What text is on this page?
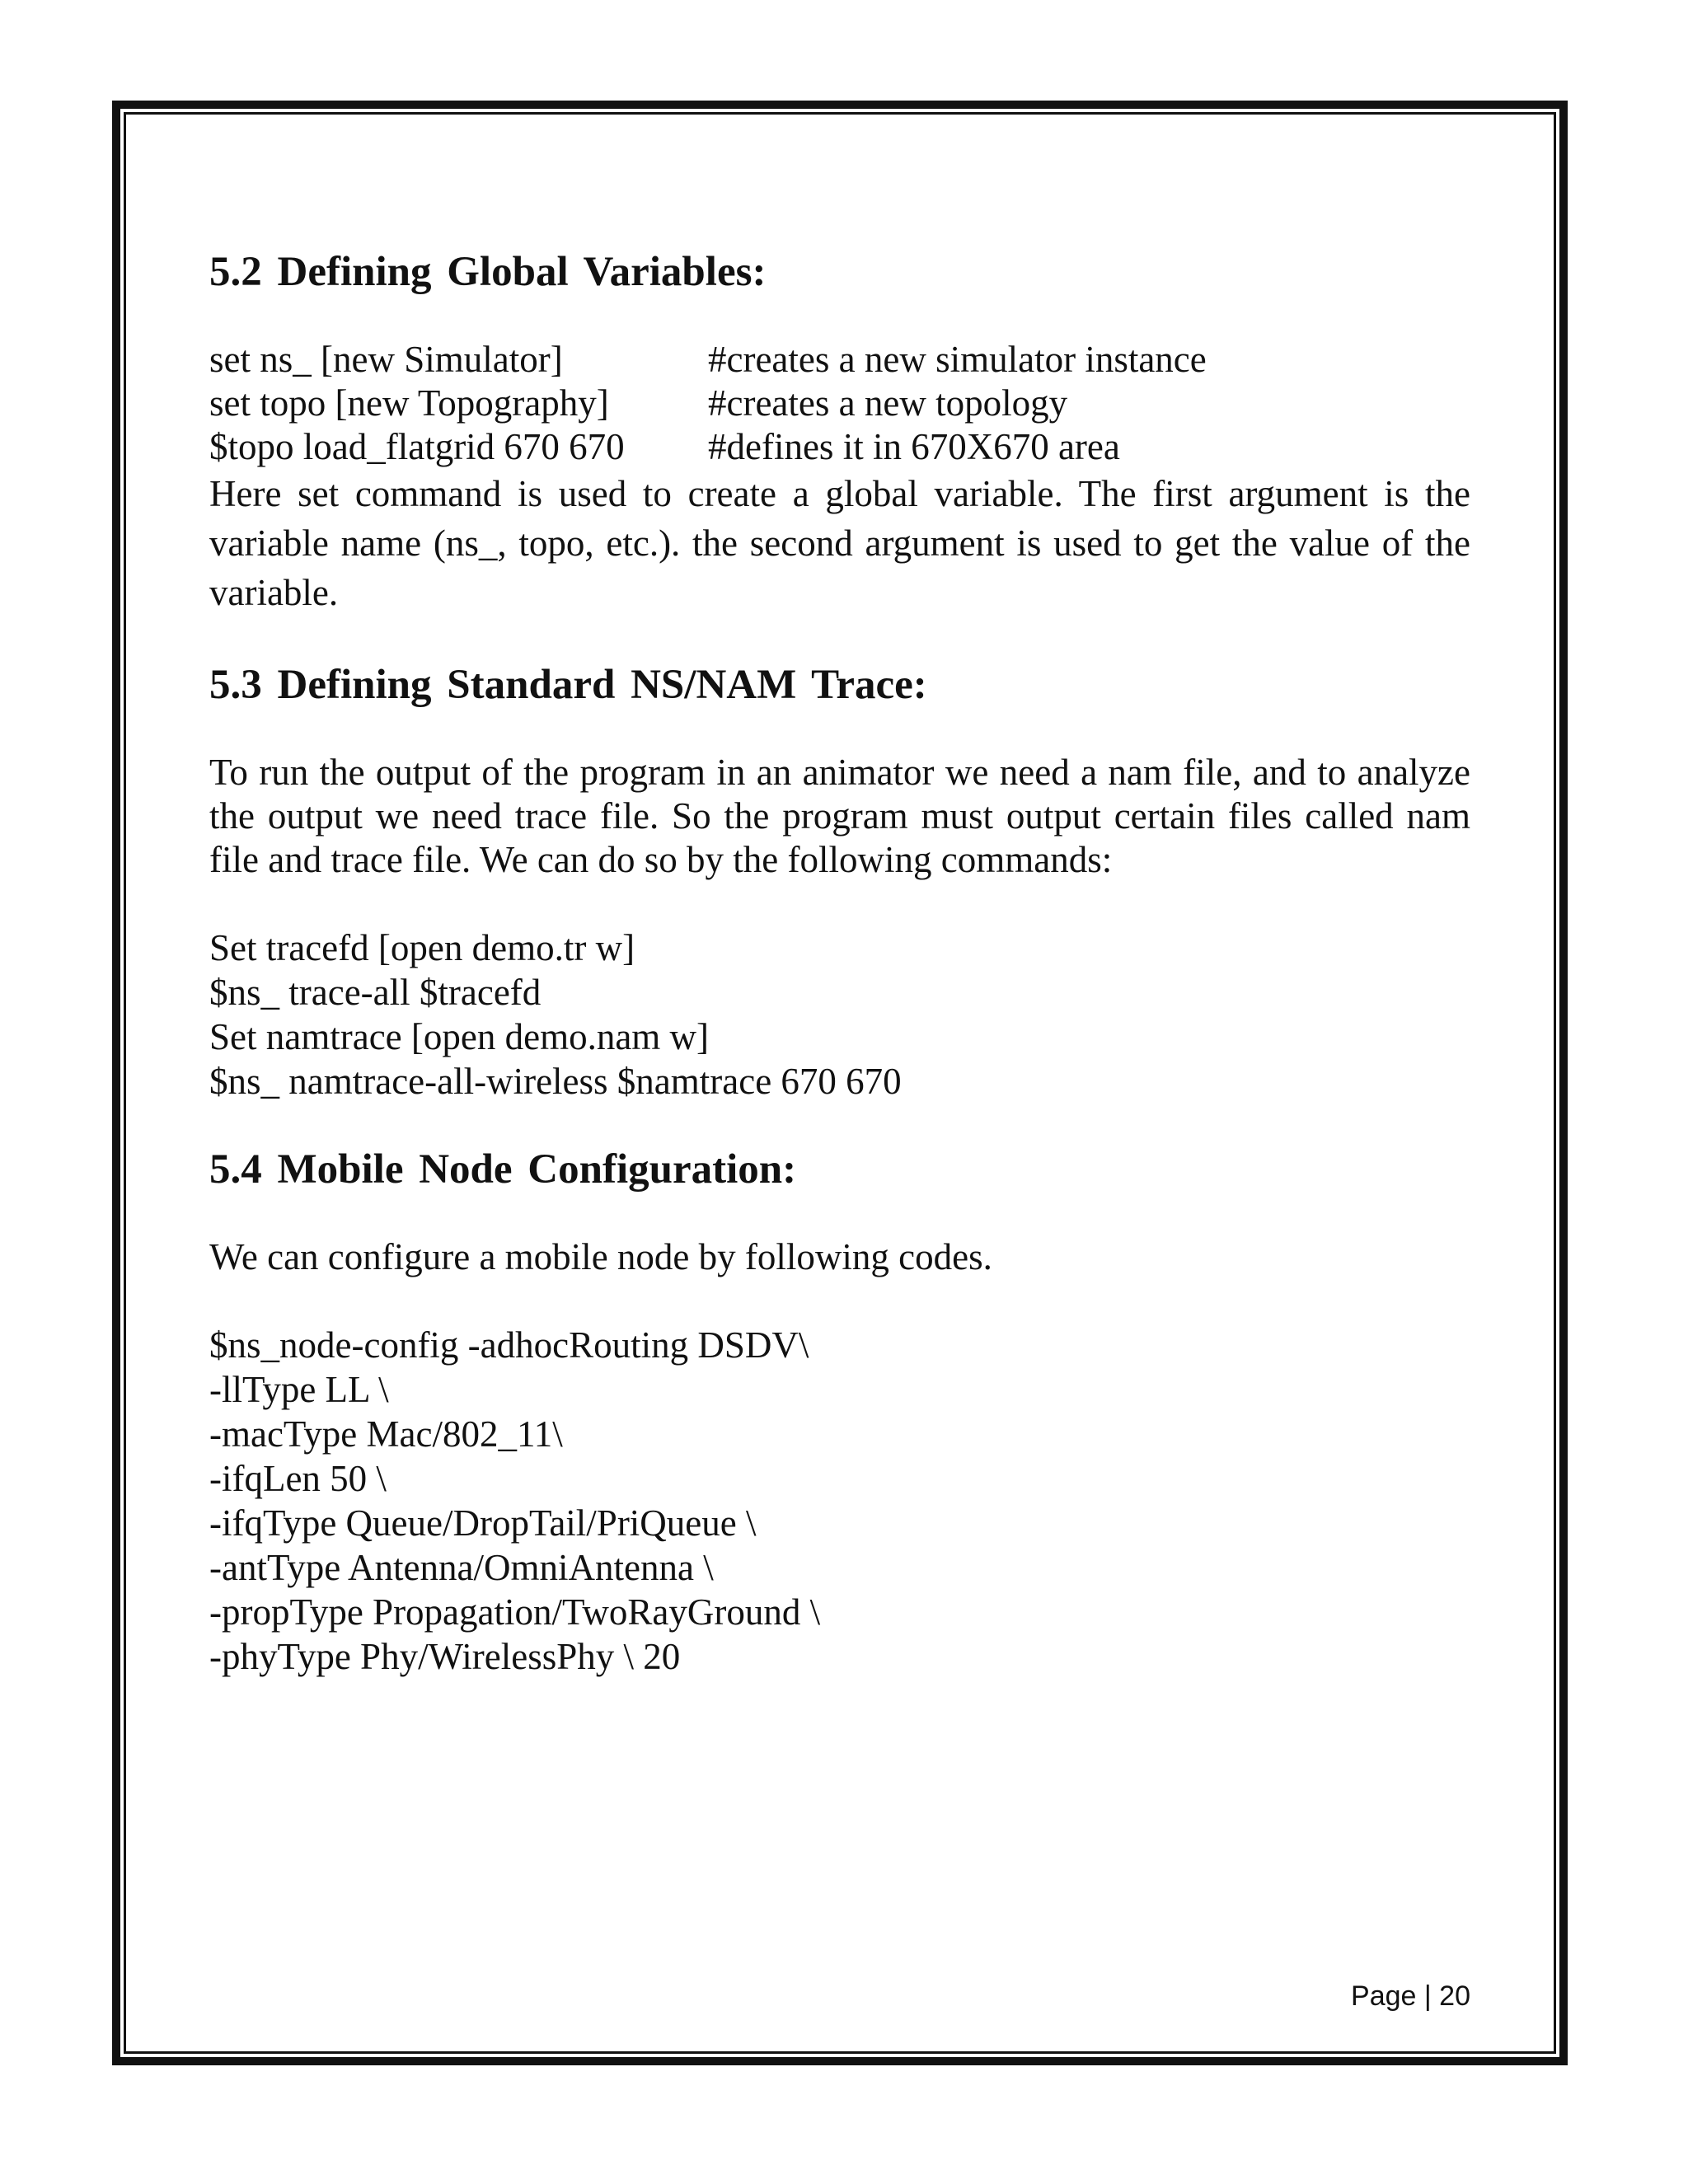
5.2 Defining Global Variables:
set ns_ [new Simulator]	#creates a new simulator instance
set topo [new Topography]	#creates a new topology
$topo load_flatgrid 670 670	#defines it in 670X670 area

Here set command is used to create a global variable. The first argument is the variable name (ns_, topo, etc.). the second argument is used to get the value of the variable.

5.3 Defining Standard NS/NAM Trace:

To run the output of the program in an animator we need a nam file, and to analyze the output we need trace file. So the program must output certain files called nam file and trace file. We can do so by the following commands:

Set tracefd [open demo.tr w]
$ns_ trace-all $tracefd
Set namtrace [open demo.nam w]
$ns_ namtrace-all-wireless $namtrace 670 670
5.4 Mobile Node Configuration:

We can configure a mobile node by following codes.

$ns_node-config -adhocRouting DSDV\
-llType LL \
-macType Mac/802_11\
-ifqLen 50 \
-ifqType Queue/DropTail/PriQueue \
-antType Antenna/OmniAntenna \
-propType Propagation/TwoRayGround \
-phyType Phy/WirelessPhy \ 20
Page | 20
